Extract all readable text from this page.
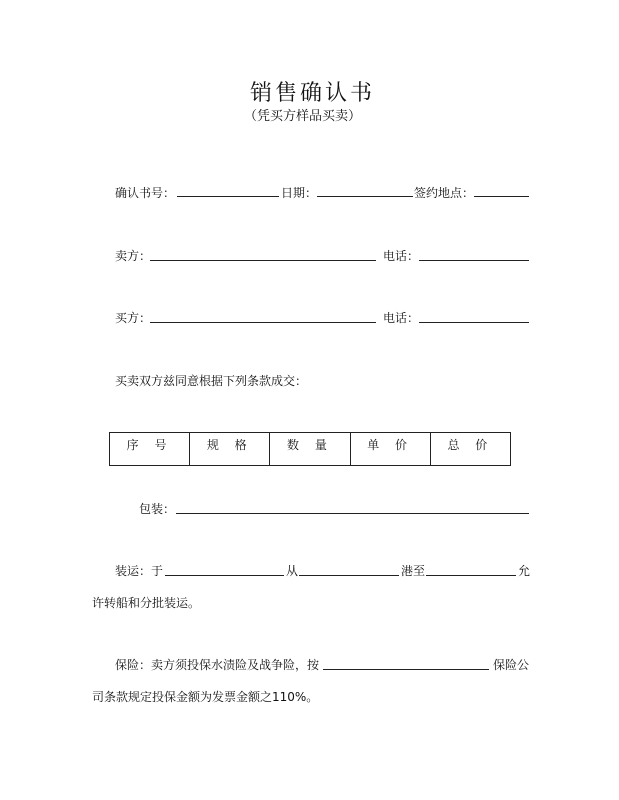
销售确认书
（凭买方样品买卖）
确认书号：	日期：	签约地点：
卖方：	电话：
买方：	电话：
买卖双方兹同意根据下列条款成交：
序 号	规 格	数 量	单 价	总 价
包装：
装运：于	从	港至	允
许转船和分批装运。
保险：卖方须投保水渍险及战争险，按	保险公
司条款规定投保金额为发票金额之110%。
